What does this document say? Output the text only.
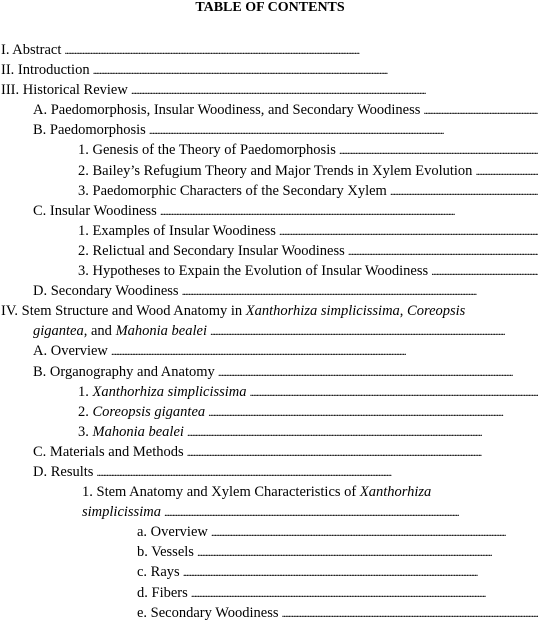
TABLE OF CONTENTS
I. Abstract
. . .
II. Introduction
. . .
III. Historical Review
. . .
A. Paedomorphosis, Insular Woodiness, and Secondary Woodiness
. . .
B. Paedomorphosis
. . .
1. Genesis of the Theory of Paedomorphosis
. . .
2. Bailey’s Refugium Theory and Major Trends in Xylem Evolution
. . .
3. Paedomorphic Characters of the Secondary Xylem
. . .
C. Insular Woodiness
. . .
1. Examples of Insular Woodiness
. . .
2. Relictual and Secondary Insular Woodiness
. . .
3. Hypotheses to Expain the Evolution of Insular Woodiness
. . .
D. Secondary Woodiness
. . .
IV. Stem Structure and Wood Anatomy in Xanthorhiza simplicissima, Coreopsis
gigantea, and Mahonia bealei
. . .
A. Overview
. . .
B. Organography and Anatomy
. . .
1. Xanthorhiza simplicissima
. . .
2. Coreopsis gigantea
. . .
3. Mahonia bealei
. . .
C. Materials and Methods
. . .
D. Results
. . .
1. Stem Anatomy and Xylem Characteristics of Xanthorhiza
simplicissima
. . .
a. Overview
. . .
b. Vessels
. . .
c. Rays
. . .
d. Fibers
. . .
e. Secondary Woodiness
. . .
